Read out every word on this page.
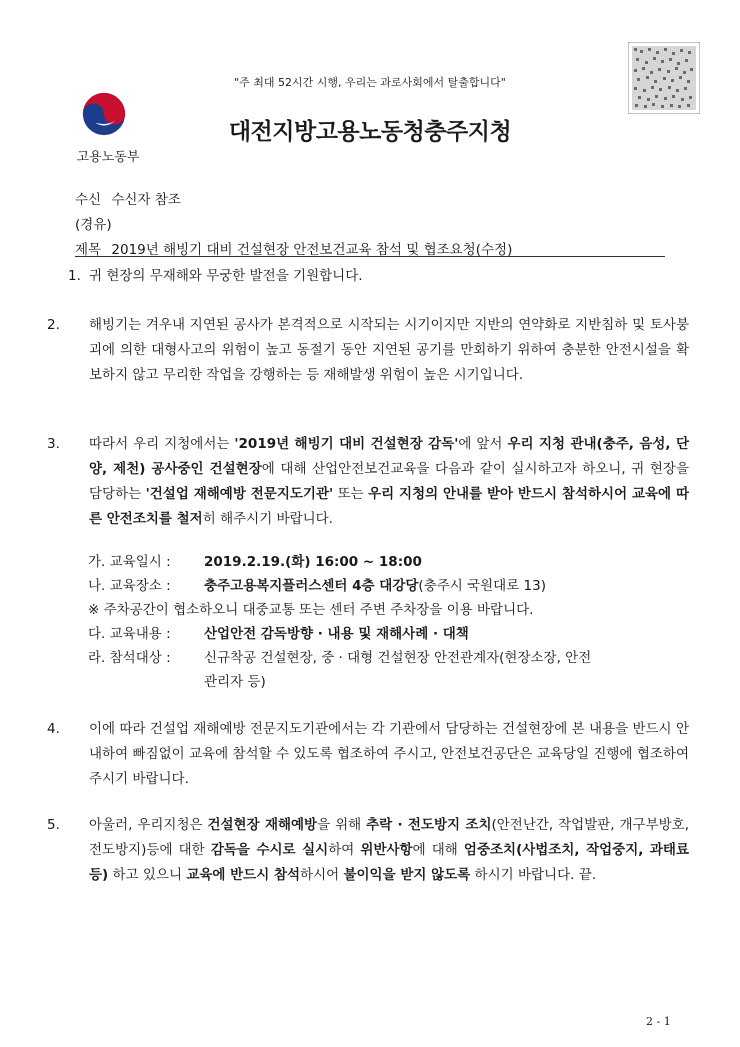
"주 최대 52시간 시행, 우리는 과로사회에서 탈출합니다"
고용노동부
대전지방고용노동청충주지청
수신 수신자 참조
(경유)
제목 2019년 해빙기 대비 건설현장 안전보건교육 참석 및 협조요청(수정)
1. 귀 현장의 무재해와 무궁한 발전을 기원합니다.
2. 해빙기는 겨우내 지연된 공사가 본격적으로 시작되는 시기이지만 지반의 연약화로 지반침하 및 토사붕괴에 의한 대형사고의 위험이 높고 동절기 동안 지연된 공기를 만회하기 위하여 충분한 안전시설을 확보하지 않고 무리한 작업을 강행하는 등 재해발생 위험이 높은 시기입니다.
3. 따라서 우리 지청에서는 '2019년 해빙기 대비 건설현장 감독'에 앞서 우리 지청 관내(충주, 음성, 단양, 제천) 공사중인 건설현장에 대해 산업안전보건교육을 다음과 같이 실시하고자 하오니, 귀 현장을 담당하는 '건설업 재해예방 전문지도기관' 또는 우리 지청의 안내를 받아 반드시 참석하시어 교육에 따른 안전조치를 철저히 해주시기 바랍니다.
가. 교육일시 : 2019.2.19.(화) 16:00 ~ 18:00
나. 교육장소 : 충주고용복지플러스센터 4층 대강당(충주시 국원대로 13)
※ 주차공간이 협소하오니 대중교통 또는 센터 주변 주차장을 이용 바랍니다.
다. 교육내용 : 산업안전 감독방향 · 내용 및 재해사례 · 대책
라. 참석대상 : 신규착공 건설현장, 중 · 대형 건설현장 안전관계자(현장소장, 안전
관리자 등)
4. 이에 따라 건설업 재해예방 전문지도기관에서는 각 기관에서 담당하는 건설현장에 본 내용을 반드시 안내하여 빠짐없이 교육에 참석할 수 있도록 협조하여 주시고, 안전보건공단은 교육당일 진행에 협조하여 주시기 바랍니다.
5. 아울러, 우리지청은 건설현장 재해예방을 위해 추락 · 전도방지 조치(안전난간, 작업발판, 개구부방호, 전도방지)등에 대한 감독을 수시로 실시하여 위반사항에 대해 엄중조치(사법조치, 작업중지, 과태료 등) 하고 있으니 교육에 반드시 참석하시어 불이익을 받지 않도록 하시기 바랍니다. 끝.
2 - 1
